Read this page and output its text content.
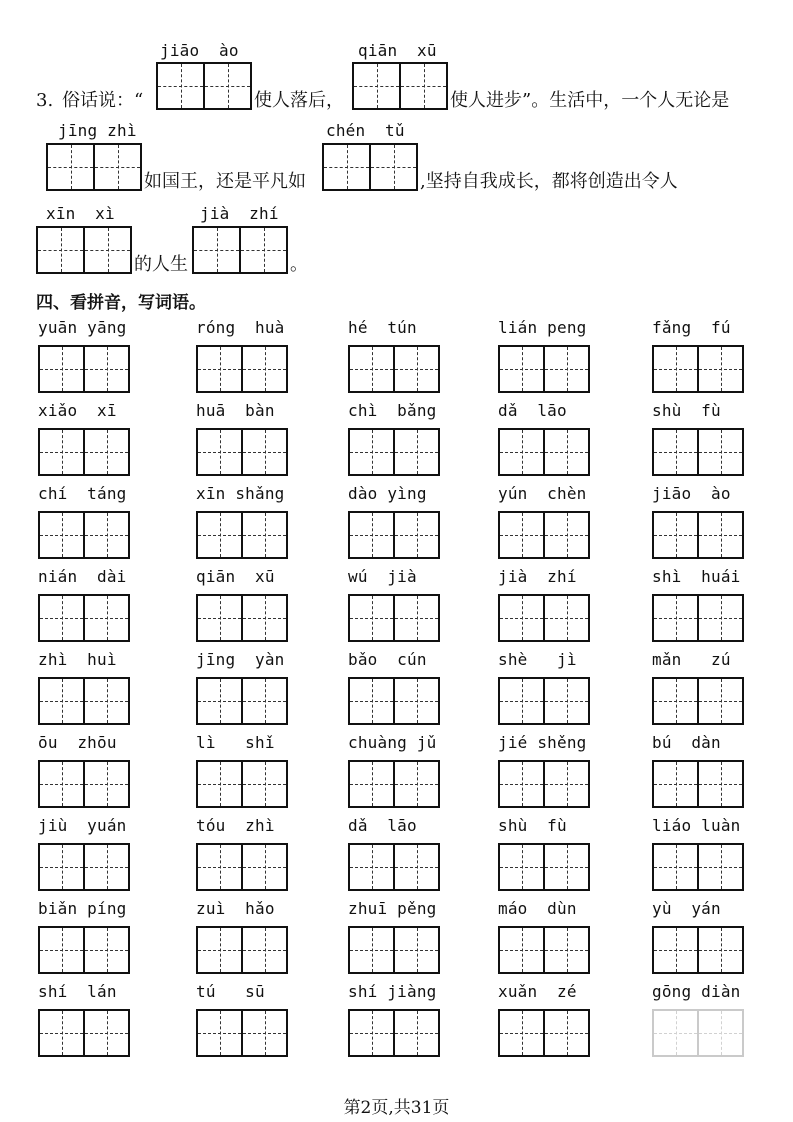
jiāo  ào	qiān  xū
3. 俗话说：“	使人落后，	使人进步”。生活中，一个人无论是
jīng zhì	chén  tǔ
如国王，还是平凡如	,坚持自我成长，都将创造出令人
xīn  xì	jià  zhí
的人生	。
四、看拼音，写词语。
yuān yāng	róng  huà	hé  tún	lián peng	fǎng  fú
xiǎo  xī	huā  bàn	chì  bǎng	dǎ  lāo	shù  fù
chí  táng	xīn shǎng	dào yìng	yún  chèn	jiāo  ào
nián  dài	qiān  xū	wú  jià	jià  zhí	shì  huái
zhì  huì	jīng  yàn	bǎo  cún	shè   jì	mǎn   zú
ōu  zhōu	lì   shǐ	chuàng jǔ	jié shěng	bú  dàn
jiù  yuán	tóu  zhì	dǎ  lāo	shù  fù	liáo luàn
biǎn píng	zuì  hǎo	zhuī pěng	máo  dùn	yù  yán
shí  lán	tú   sū	shí jiàng	xuǎn  zé	gōng diàn
第2页,共31页
